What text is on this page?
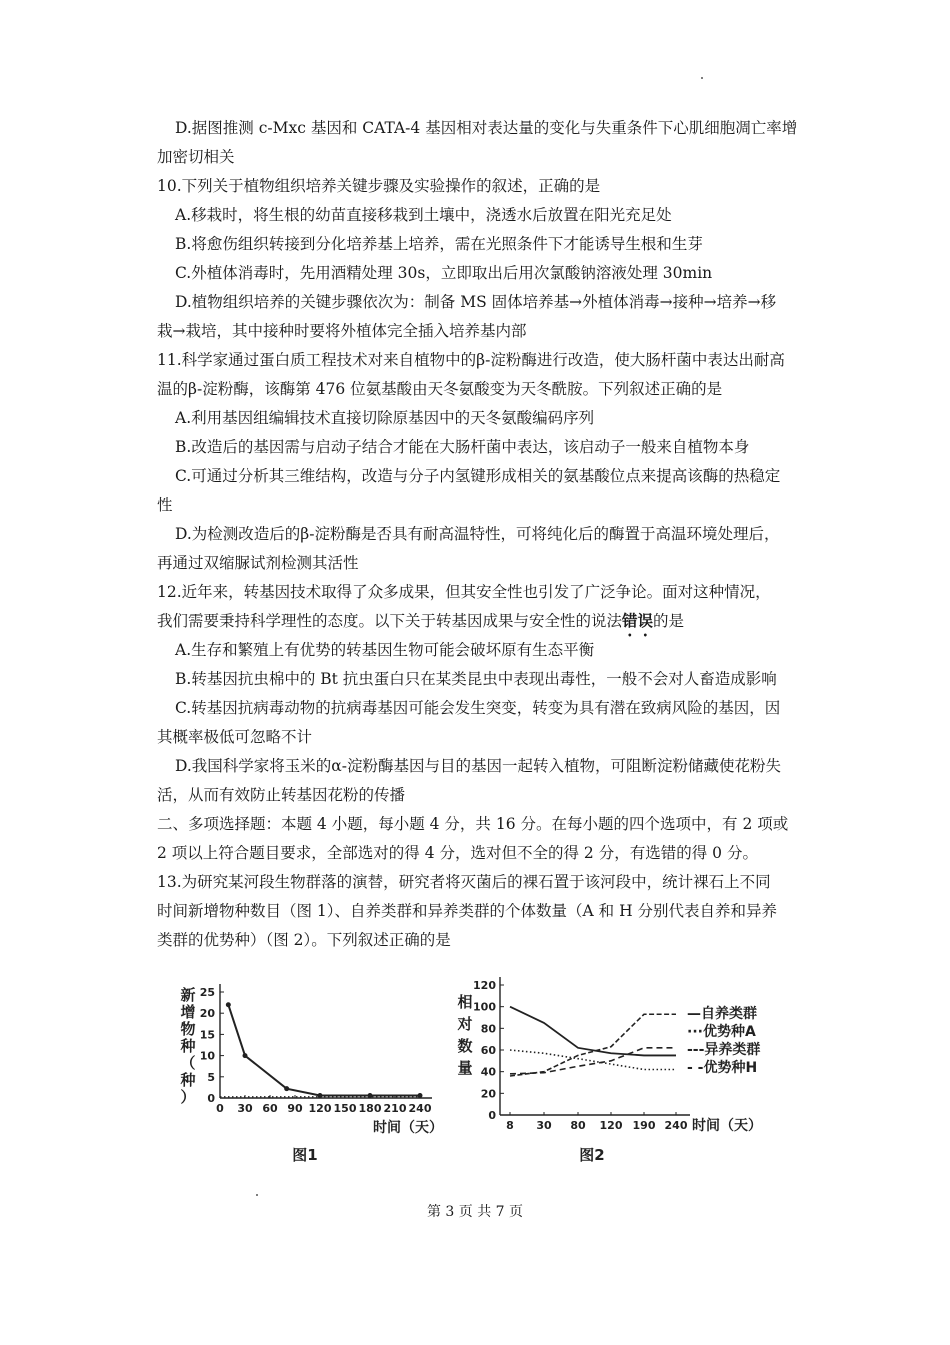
D.据图推测 c-Mxc 基因和 CATA-4 基因相对表达量的变化与失重条件下心肌细胞凋亡率增
加密切相关
10.下列关于植物组织培养关键步骤及实验操作的叙述，正确的是
A.移栽时，将生根的幼苗直接移栽到土壤中，浇透水后放置在阳光充足处
B.将愈伤组织转接到分化培养基上培养，需在光照条件下才能诱导生根和生芽
C.外植体消毒时，先用酒精处理 30s，立即取出后用次氯酸钠溶液处理 30min
D.植物组织培养的关键步骤依次为：制备 MS 固体培养基→外植体消毒→接种→培养→移
栽→栽培，其中接种时要将外植体完全插入培养基内部
11.科学家通过蛋白质工程技术对来自植物中的β-淀粉酶进行改造，使大肠杆菌中表达出耐高
温的β-淀粉酶，该酶第 476 位氨基酸由天冬氨酸变为天冬酰胺。下列叙述正确的是
A.利用基因组编辑技术直接切除原基因中的天冬氨酸编码序列
B.改造后的基因需与启动子结合才能在大肠杆菌中表达，该启动子一般来自植物本身
C.可通过分析其三维结构，改造与分子内氢键形成相关的氨基酸位点来提高该酶的热稳定
性
D.为检测改造后的β-淀粉酶是否具有耐高温特性，可将纯化后的酶置于高温环境处理后，
再通过双缩脲试剂检测其活性
12.近年来，转基因技术取得了众多成果，但其安全性也引发了广泛争论。面对这种情况，
我们需要秉持科学理性的态度。以下关于转基因成果与安全性的说法错误的是
A.生存和繁殖上有优势的转基因生物可能会破坏原有生态平衡
B.转基因抗虫棉中的 Bt 抗虫蛋白只在某类昆虫中表现出毒性，一般不会对人畜造成影响
C.转基因抗病毒动物的抗病毒基因可能会发生突变，转变为具有潜在致病风险的基因，因
其概率极低可忽略不计
D.我国科学家将玉米的α-淀粉酶基因与目的基因一起转入植物，可阻断淀粉储藏使花粉失
活，从而有效防止转基因花粉的传播
二、多项选择题：本题 4 小题，每小题 4 分，共 16 分。在每小题的四个选项中，有 2 项或
2 项以上符合题目要求，全部选对的得 4 分，选对但不全的得 2 分，有选错的得 0 分。
13.为研究某河段生物群落的演替，研究者将灭菌后的裸石置于该河段中，统计裸石上不同
时间新增物种数目（图 1）、自养类群和异养类群的个体数量（A 和 H 分别代表自养和异养
类群的优势种）（图 2）。下列叙述正确的是
0
5
10
15
20
25
0 30 60 90 120 150 180 210 240
新增物种（种）
时间（天）
图1
0
20
40
60
80
100
120
8 30 80 120 190 240
相对数量
时间（天）
图2
—自养类群
···优势种A
---异养类群
- -优势种H
第 3 页 共 7 页
